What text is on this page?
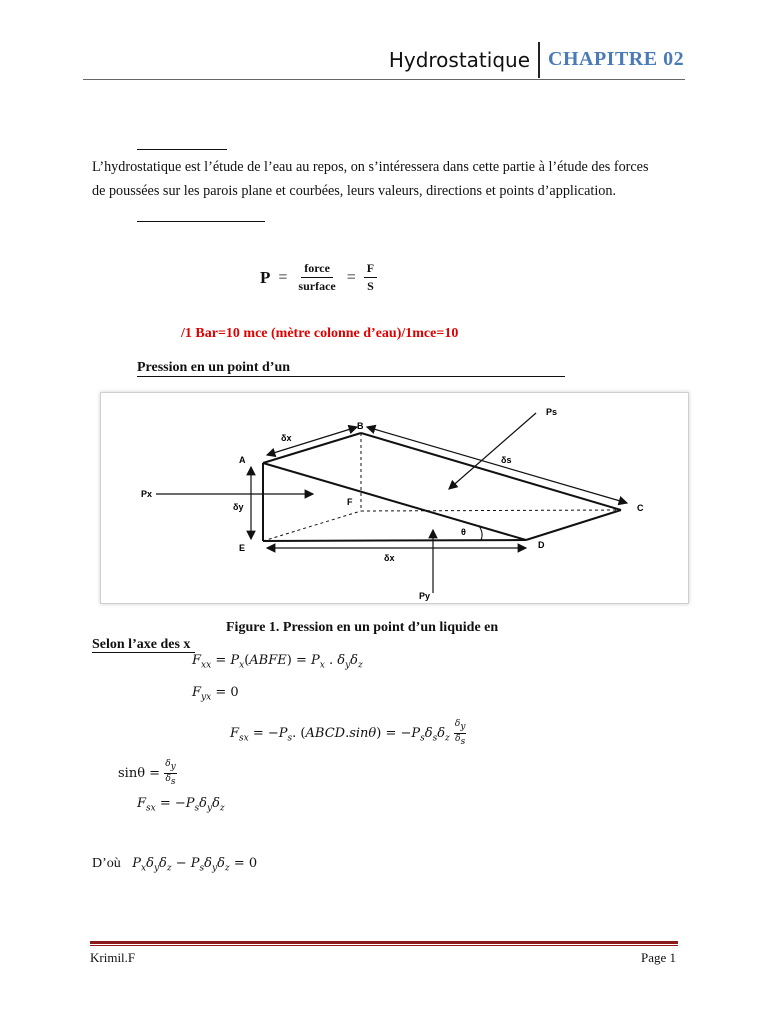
Hydrostatique CHAPITRE 02
L’hydrostatique est l’étude de l’eau au repos, on s’intéressera dans cette partie à l’étude des forces
de poussées sur les parois plane et courbées, leurs valeurs, directions et points d’application.
$P = \frac{\text{force}}{\text{surface}} = \frac{F}{S}$
/1 Bar=10 mce (mètre colonne d’eau)/1mce=10
Pression en un point d’un
A
B
C
D
E
F
δx
δs
δy
δx
θ
Px
Py
Ps
Figure 1. Pression en un point d’un liquide en
Selon l’axe des x
$F_{xx}$ = $P_x(ABFE) = P_x$ . $\delta_y\delta_z$
$F_{yx} = 0$
$F_{sx} = -P_s$. (ABCD.sinθ) = $-P_s\delta_s\delta_z \frac{\delta_y}{\delta_s}$
$\sin\theta = \frac{\delta_y}{\delta_s}$
$F_{sx} = -P_s\delta_y\delta_z$
D’où $P_x\delta_y\delta_z - P_s\delta_y\delta_z = 0$
Krimil.F	Page 1
